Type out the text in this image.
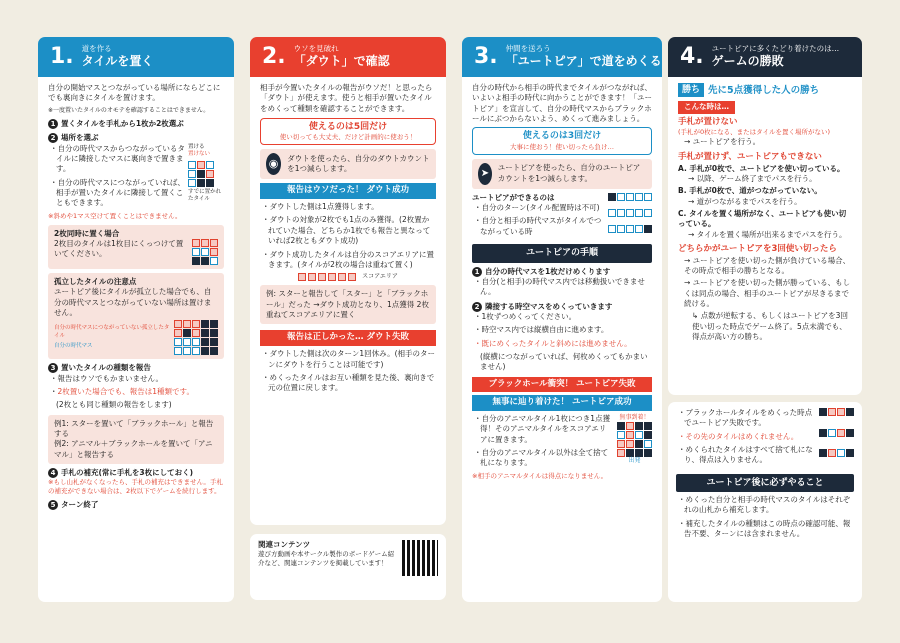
1. 道を作る
タイルを置く

自分の開始マスとつながっている場所にならどこにでも裏向きにタイルを置けます。

※一度置いたタイルのオモテを確認することはできません。

1 置くタイルを手札から1枚か2枚選ぶ
2 場所を選ぶ

・ 自分の時代マスからつながっているタイルに隣接したマスに裏向きで置きます。

・ 自分の時代マスにつながっていれば、相手が置いたタイルに隣接して置くこともできます。

置ける
置けない
すでに置かれたタイル

※斜めや1マス空けて置くことはできません。

2枚同時に置く場合
2枚目のタイルは1枚目にくっつけて置いてください。
孤立したタイルの注意点
ユートピア後にタイルが孤立した場合でも、自分の時代マスとつながっていない場所は置けません。
自分の時代マスにつながっていない孤立したタイル
自分の時代マス
3 置いたタイルの種類を報告

・ 報告はウソでもかまいません。

・ 2枚置いた場合でも、報告は1種類です。

(2枚とも同じ種類の報告をします)

例1: スターを置いて「ブラックホール」と報告する
例2: アニマル＋ブラックホールを置いて「アニマル」と報告する
4 手札の補充(常に手札を3枚にしておく)

※もし山札がなくなったら、手札の補充はできません。手札の補充ができない場合は、2枚以下でゲームを続行します。

5 ターン終了
2. ウソを見破れ
「ダウト」で確認

相手が今置いたタイルの報告がウソだ！と思ったら「ダウト」が使えます。使うと相手が置いたタイルをめくって種類を確認することができます。

使えるのは5回だけ
使い切っても大丈夫、だけど計画的に使おう！
◉	ダウトを使ったら、自分のダウトカウントを1つ減らします。
報告はウソだった！ ダウト成功

・ ダウトした側は1点獲得します。

・ ダウトの対象が2枚でも1点のみ獲得。(2枚置かれていた場合、どちらか1枚でも報告と異なっていれば2枚ともダウト成功)

・ ダウト成功したタイルは自分のスコアエリアに置きます。(タイルが2枚の場合は重ねて置く)

スコアエリア
例: スターと報告して「スター」と「ブラックホール」だった →ダウト成功となり、1点獲得 2枚重ねてスコアエリアに置く
報告は正しかった… ダウト失敗

・ ダウトした側は次のターン1回休み。(相手のターンにダウトを行うことは可能です)

・ めくったタイルはお互い種類を見た後、裏向きで元の位置に戻します。

関連コンテンツ
遊び方動画や本サークル製作のボードゲーム紹介など、関連コンテンツを掲載しています！
3. 仲間を送ろう
「ユートピア」で道をめくる

自分の時代から相手の時代までタイルがつながれば、いよいよ相手の時代に向かうことができます！「ユートピア」を宣言して、自分の時代マスからブラックホールにぶつからないよう、めくって進みましょう。

使えるのは3回だけ
大事に使おう！使い切ったら負け…
➤	ユートピアを使ったら、自分のユートピアカウントを1つ減らします。
ユートピアができるのは

・ 自分のターン(タイル配置時は不可)

・ 自分と相手の時代マスがタイルでつながっている時

ユートピアの手順
1 自分の時代マスを1枚だけめくります

・ 自分(と相手)の時代マス内では移動扱いできません。

2 隣接する時空マスをめくっていきます

・ 1枚ずつめくってください。

・ 時空マス内では縦横自由に進めます。

・ 既にめくったタイルと斜めには進めません。

(縦横につながっていれば、何枚めくってもかまいません)

ブラックホール衝突！ ユートピア失敗
無事に辿り着けた！ ユートピア成功

・ 自分のアニマルタイル1枚につき1点獲得！そのアニマルタイルをスコアエリアに置きます。

・ 自分のアニマルタイル以外は全て捨て札になります。

※相手のアニマルタイルは得点になりません。

無事到着！
出発

・ ブラックホールタイルをめくった時点でユートピア失敗です。

・ その先のタイルはめくれません。

・ めくられたタイルはすべて捨て札になり、得点は入りません。

ユートピア後に必ずやること

・ めくった自分と相手の時代マスのタイルはそれぞれの山札から補充します。

・ 補充したタイルの種類はこの時点の確認可能、報告不要、ターンには含まれません。

4. ユートピアに多くたどり着けたのは…
ゲームの勝敗
勝ち 先に5点獲得した人の勝ち
こんな時は…
手札が置けない
(手札が0枚になる、またはタイルを置く場所がない)
→ ユートピアを行う。
手札が置けず、ユートピアもできない
A. 手札が0枚で、ユートピアを使い切っている。
→ 以降、ゲーム終了までパスを行う。
B. 手札が0枚で、道がつながっていない。
→ 道がつながるまでパスを行う。
C. タイルを置く場所がなく、ユートピアも使い切っている。
→ タイルを置く場所が出来るまでパスを行う。
どちらかがユートピアを3回使い切ったら
→ ユートピアを使い切った側が負けている場合、その時点で相手の勝ちとなる。
→ ユートピアを使い切った側が勝っている、もしくは同点の場合、相手のユートピアが尽きるまで続ける。
↳ 点数が逆転する、もしくはユートピアを3回使い切った時点でゲーム終了。5点未満でも、得点が高い方の勝ち。
